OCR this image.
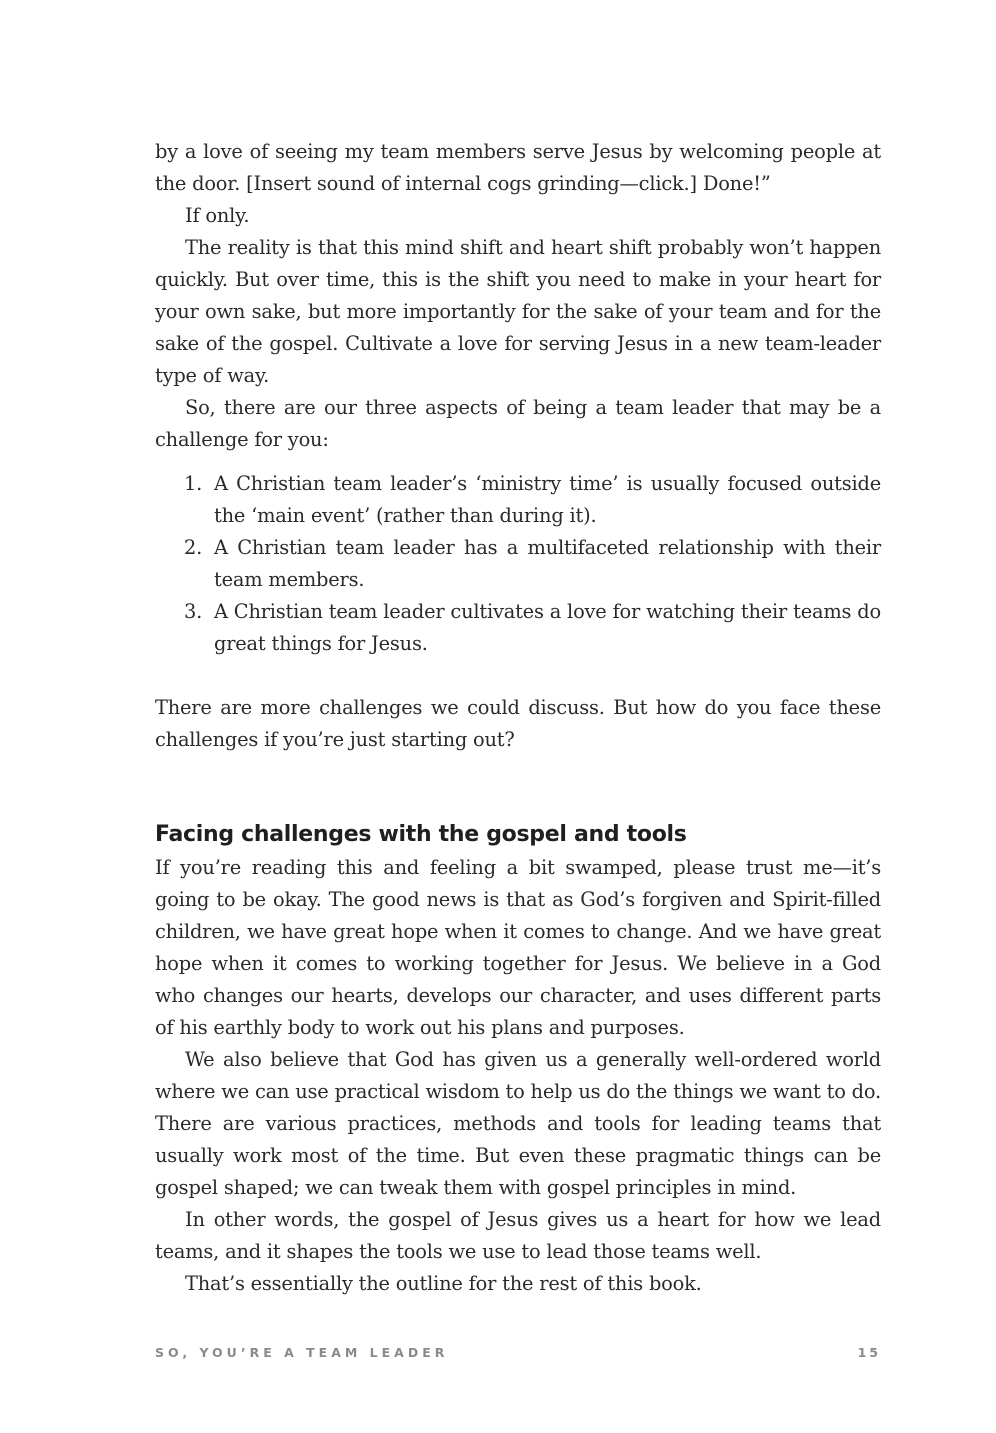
by a love of seeing my team members serve Jesus by welcoming people at the door. [Insert sound of internal cogs grinding—click.] Done!”

If only.

The reality is that this mind shift and heart shift probably won’t happen quickly. But over time, this is the shift you need to make in your heart for your own sake, but more importantly for the sake of your team and for the sake of the gospel. Cultivate a love for serving Jesus in a new team-leader type of way.

So, there are our three aspects of being a team leader that may be a challenge for you:

1. A Christian team leader’s ‘ministry time’ is usually focused outside the ‘main event’ (rather than during it).
2. A Christian team leader has a multifaceted relationship with their team members.
3. A Christian team leader cultivates a love for watching their teams do great things for Jesus.

There are more challenges we could discuss. But how do you face these challenges if you’re just starting out?

Facing challenges with the gospel and tools

If you’re reading this and feeling a bit swamped, please trust me—it’s going to be okay. The good news is that as God’s forgiven and Spirit-filled children, we have great hope when it comes to change. And we have great hope when it comes to working together for Jesus. We believe in a God who changes our hearts, develops our character, and uses different parts of his earthly body to work out his plans and purposes.

We also believe that God has given us a generally well-ordered world where we can use practical wisdom to help us do the things we want to do. There are various practices, methods and tools for leading teams that usually work most of the time. But even these pragmatic things can be gospel shaped; we can tweak them with gospel principles in mind.

In other words, the gospel of Jesus gives us a heart for how we lead teams, and it shapes the tools we use to lead those teams well.

That’s essentially the outline for the rest of this book.

SO, YOU’RE A TEAM LEADER	15
